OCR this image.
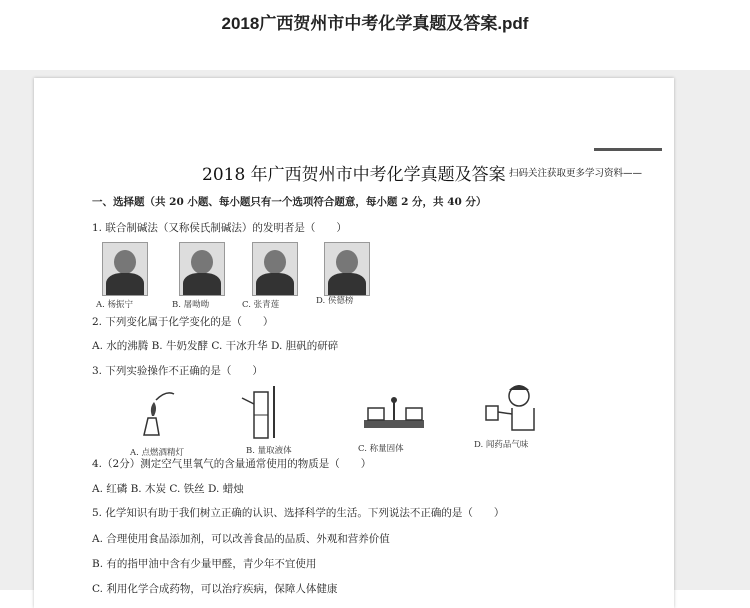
2018广西贺州市中考化学真题及答案.pdf
2018 年广西贺州市中考化学真题及答案 扫码关注获取更多学习资料——
一、选择题（共 20 小题、每小题只有一个选项符合题意，每小题 2 分，共 40 分）
1. 联合制碱法（又称侯氏制碱法）的发明者是（　　）
A. 杨振宁	B. 屠呦呦	C. 张青莲	D. 侯德榜
2. 下列变化属于化学变化的是（　　）
A. 水的沸腾 B. 牛奶发酵 C. 干冰升华 D. 胆矾的研碎
3. 下列实验操作不正确的是（　　）
A. 点燃酒精灯	B. 量取液体	C. 称量固体	D. 闻药品气味
4.（2分）测定空气里氧气的含量通常使用的物质是（　　）
A. 红磷 B. 木炭 C. 铁丝 D. 蜡烛
5. 化学知识有助于我们树立正确的认识、选择科学的生活。下列说法不正确的是（　　）
A. 合理使用食品添加剂，可以改善食品的品质、外观和营养价值
B. 有的指甲油中含有少量甲醛，青少年不宜使用
C. 利用化学合成药物，可以治疗疾病，保障人体健康
